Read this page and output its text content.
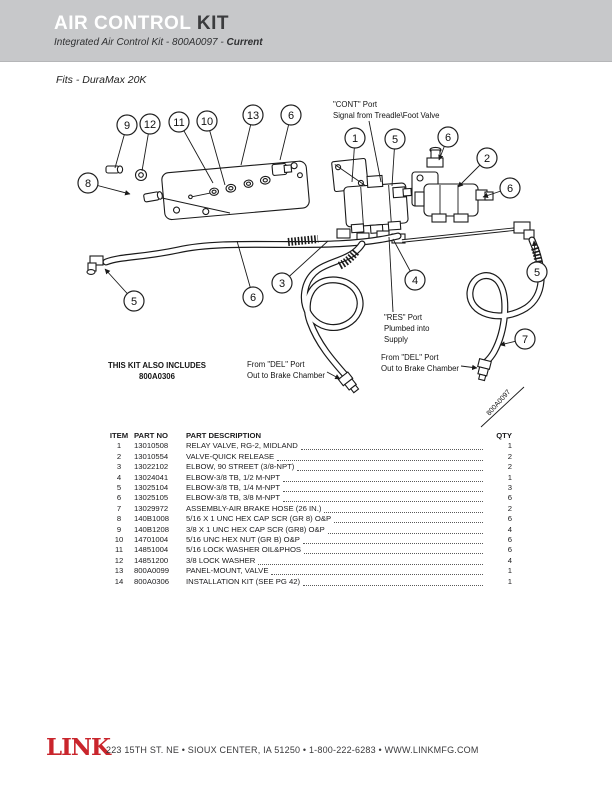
AIR CONTROL KIT

Integrated Air Control Kit - 800A0097 - Current

Fits - DuraMax 20K

9 12 11 10	13	6
1	5	6
2
6
8
5	6
3	4
5
7
"CONT" Port Signal from Treadle\Foot Valve
"RES" Port Plumbed into Supply
From "DEL" Port Out to Brake Chamber
From "DEL" Port Out to Brake Chamber
THIS KIT ALSO INCLUDES 800A0306
800A0097
ITEM PART NO	PART DESCRIPTION	QTY
1	13010508	RELAY VALVE, RG-2, MIDLAND	1
2	13010554	VALVE-QUICK RELEASE	2
3	13022102	ELBOW, 90 STREET (3/8-NPT)	2
4	13024041	ELBOW-3/8 TB, 1/2 M-NPT	1
5	13025104	ELBOW-3/8 TB, 1/4 M-NPT	3
6	13025105	ELBOW-3/8 TB, 3/8 M-NPT	6
7	13029972	ASSEMBLY-AIR BRAKE HOSE (26 IN.)	2
8	140B1008	5/16 X 1 UNC HEX CAP SCR (GR 8) O&P	6
9	140B1208	3/8 X 1 UNC HEX CAP SCR (GR8) O&P	4
10	14701004	5/16 UNC HEX NUT (GR B) O&P	6
11	14851004	5/16 LOCK WASHER OIL&PHOS	6
12	14851200	3/8 LOCK WASHER	4
13	800A0099	PANEL-MOUNT, VALVE	1
14	800A0306	INSTALLATION KIT (SEE PG 42)	1
LINK
223 15TH ST. NE • SIOUX CENTER, IA 51250 • 1-800-222-6283 • WWW.LINKMFG.COM
